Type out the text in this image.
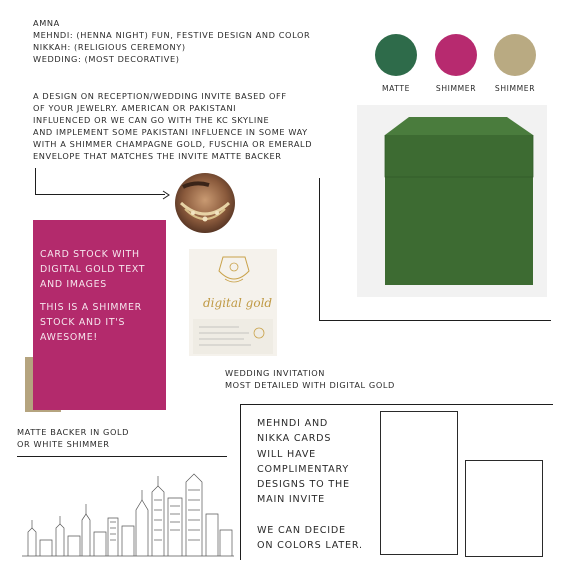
AMNA
MEHNDI: (HENNA NIGHT) FUN, FESTIVE DESIGN AND COLOR
NIKKAH: (RELIGIOUS CEREMONY)
WEDDING: (MOST DECORATIVE)
A DESIGN ON RECEPTION/WEDDING INVITE BASED OFF
OF YOUR JEWELRY. AMERICAN OR PAKISTANI
INFLUENCED OR WE CAN GO WITH THE KC SKYLINE
AND IMPLEMENT SOME PAKISTANI INFLUENCE IN SOME WAY
WITH A SHIMMER CHAMPAGNE GOLD, FUSCHIA OR EMERALD
ENVELOPE THAT MATCHES THE INVITE MATTE BACKER
MATTE	SHIMMER	SHIMMER
CARD STOCK WITH
DIGITAL GOLD TEXT
AND IMAGES
THIS IS A SHIMMER
STOCK AND IT'S
AWESOME!
digital gold
WEDDING INVITATION
MOST DETAILED WITH DIGITAL GOLD
MATTE BACKER IN GOLD
OR WHITE SHIMMER
MEHNDI AND
NIKKA CARDS
WILL HAVE
COMPLIMENTARY
DESIGNS TO THE
MAIN INVITE
WE CAN DECIDE
ON COLORS LATER.
